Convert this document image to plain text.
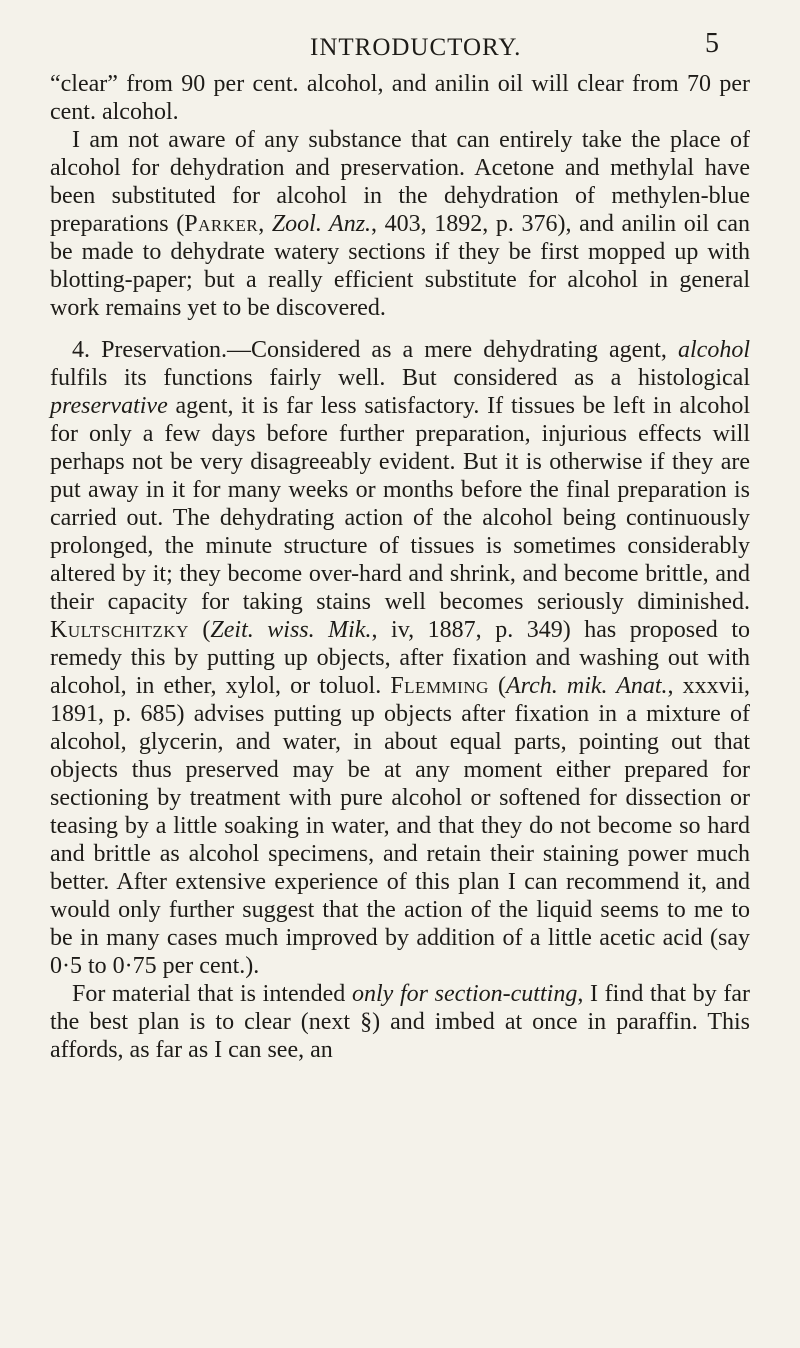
INTRODUCTORY.	5

“clear” from 90 per cent. alcohol, and anilin oil will clear from 70 per cent. alcohol.

I am not aware of any substance that can entirely take the place of alcohol for dehydration and preservation. Acetone and methylal have been substituted for alcohol in the dehydration of methylen-blue preparations (Parker, Zool. Anz., 403, 1892, p. 376), and anilin oil can be made to dehydrate watery sections if they be first mopped up with blotting-paper; but a really efficient substitute for alcohol in general work remains yet to be discovered.

4. Preservation.—Considered as a mere dehydrating agent, alcohol fulfils its functions fairly well. But considered as a histological preservative agent, it is far less satisfactory. If tissues be left in alcohol for only a few days before further preparation, injurious effects will perhaps not be very disagreeably evident. But it is otherwise if they are put away in it for many weeks or months before the final preparation is carried out. The dehydrating action of the alcohol being continuously prolonged, the minute structure of tissues is sometimes considerably altered by it; they become over-hard and shrink, and become brittle, and their capacity for taking stains well becomes seriously diminished. Kultschitzky (Zeit. wiss. Mik., iv, 1887, p. 349) has proposed to remedy this by putting up objects, after fixation and washing out with alcohol, in ether, xylol, or toluol. Flemming (Arch. mik. Anat., xxxvii, 1891, p. 685) advises putting up objects after fixation in a mixture of alcohol, glycerin, and water, in about equal parts, pointing out that objects thus preserved may be at any moment either prepared for sectioning by treatment with pure alcohol or softened for dissection or teasing by a little soaking in water, and that they do not become so hard and brittle as alcohol specimens, and retain their staining power much better. After extensive experience of this plan I can recommend it, and would only further suggest that the action of the liquid seems to me to be in many cases much improved by addition of a little acetic acid (say 0·5 to 0·75 per cent.).

For material that is intended only for section-cutting, I find that by far the best plan is to clear (next §) and imbed at once in paraffin. This affords, as far as I can see, an
